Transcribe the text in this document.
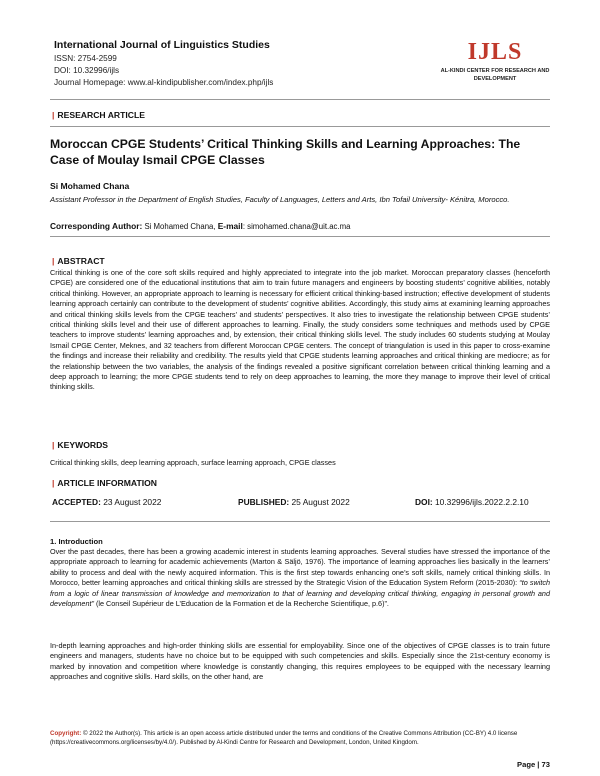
International Journal of Linguistics Studies
ISSN: 2754-2599
DOI: 10.32996/ijls
Journal Homepage: www.al-kindipublisher.com/index.php/ijls
IJLS
AL-KINDI CENTER FOR RESEARCH AND DEVELOPMENT
| RESEARCH ARTICLE
Moroccan CPGE Students’ Critical Thinking Skills and Learning Approaches: The Case of Moulay Ismail CPGE Classes
Si Mohamed Chana
Assistant Professor in the Department of English Studies, Faculty of Languages, Letters and Arts, Ibn Tofail University- Kénitra, Morocco.
Corresponding Author: Si Mohamed Chana, E-mail: simohamed.chana@uit.ac.ma
| ABSTRACT
Critical thinking is one of the core soft skills required and highly appreciated to integrate into the job market. Moroccan preparatory classes (henceforth CPGE) are considered one of the educational institutions that aim to train future managers and engineers by boosting students’ cognitive abilities, notably critical thinking. However, an appropriate approach to learning is necessary for efficient critical thinking-based instruction; effective development of students learning approach certainly can contribute to the development of students’ cognitive abilities. Accordingly, this study aims at examining learning approaches and critical thinking skills levels from the CPGE teachers’ and students’ perspectives. It also tries to investigate the relationship between CPGE students’ critical thinking skills level and their use of different approaches to learning. Finally, the study considers some techniques and methods used by CPGE teachers to improve students’ learning approaches and, by extension, their critical thinking skills level. The study includes 60 students studying at Moulay Ismail CPGE Center, Meknes, and 32 teachers from different Moroccan CPGE centers. The concept of triangulation is used in this paper to cross-examine the findings and increase their reliability and credibility. The results yield that CPGE students learning approaches and critical thinking are mediocre; as for the relationship between the two variables, the analysis of the findings revealed a positive significant correlation between critical thinking learning and a deep approach to learning; the more CPGE students tend to rely on deep approaches to learning, the more they manage to improve their level of critical thinking skills.
| KEYWORDS
Critical thinking skills, deep learning approach, surface learning approach, CPGE classes
| ARTICLE INFORMATION
ACCEPTED: 23 August 2022	PUBLISHED: 25 August 2022	DOI: 10.32996/ijls.2022.2.2.10
1. Introduction
Over the past decades, there has been a growing academic interest in students learning approaches. Several studies have stressed the importance of the appropriate approach to learning for academic achievements (Marton & Säljö, 1976). The importance of learning approaches lies basically in the learners’ ability to process and deal with the newly acquired information. This is the first step towards enhancing one’s soft skills, namely critical thinking skills. In Morocco, better learning approaches and critical thinking skills are stressed by the Strategic Vision of the Education System Reform (2015-2030): “to switch from a logic of linear transmission of knowledge and memorization to that of learning and developing critical thinking, engaging in personal growth and development” (le Conseil Supérieur de L’Education de la Formation et de la Recherche Scientifique, p.6)”.
In-depth learning approaches and high-order thinking skills are essential for employability. Since one of the objectives of CPGE classes is to train future engineers and managers, students have no choice but to be equipped with such competencies and skills. Especially since the 21st-century economy is marked by innovation and competition where knowledge is constantly changing, this requires employees to be equipped with the necessary learning approaches and cognitive skills. Hard skills, on the other hand, are
Copyright: © 2022 the Author(s). This article is an open access article distributed under the terms and conditions of the Creative Commons Attribution (CC-BY) 4.0 license (https://creativecommons.org/licenses/by/4.0/). Published by Al-Kindi Centre for Research and Development, London, United Kingdom.
Page | 73
